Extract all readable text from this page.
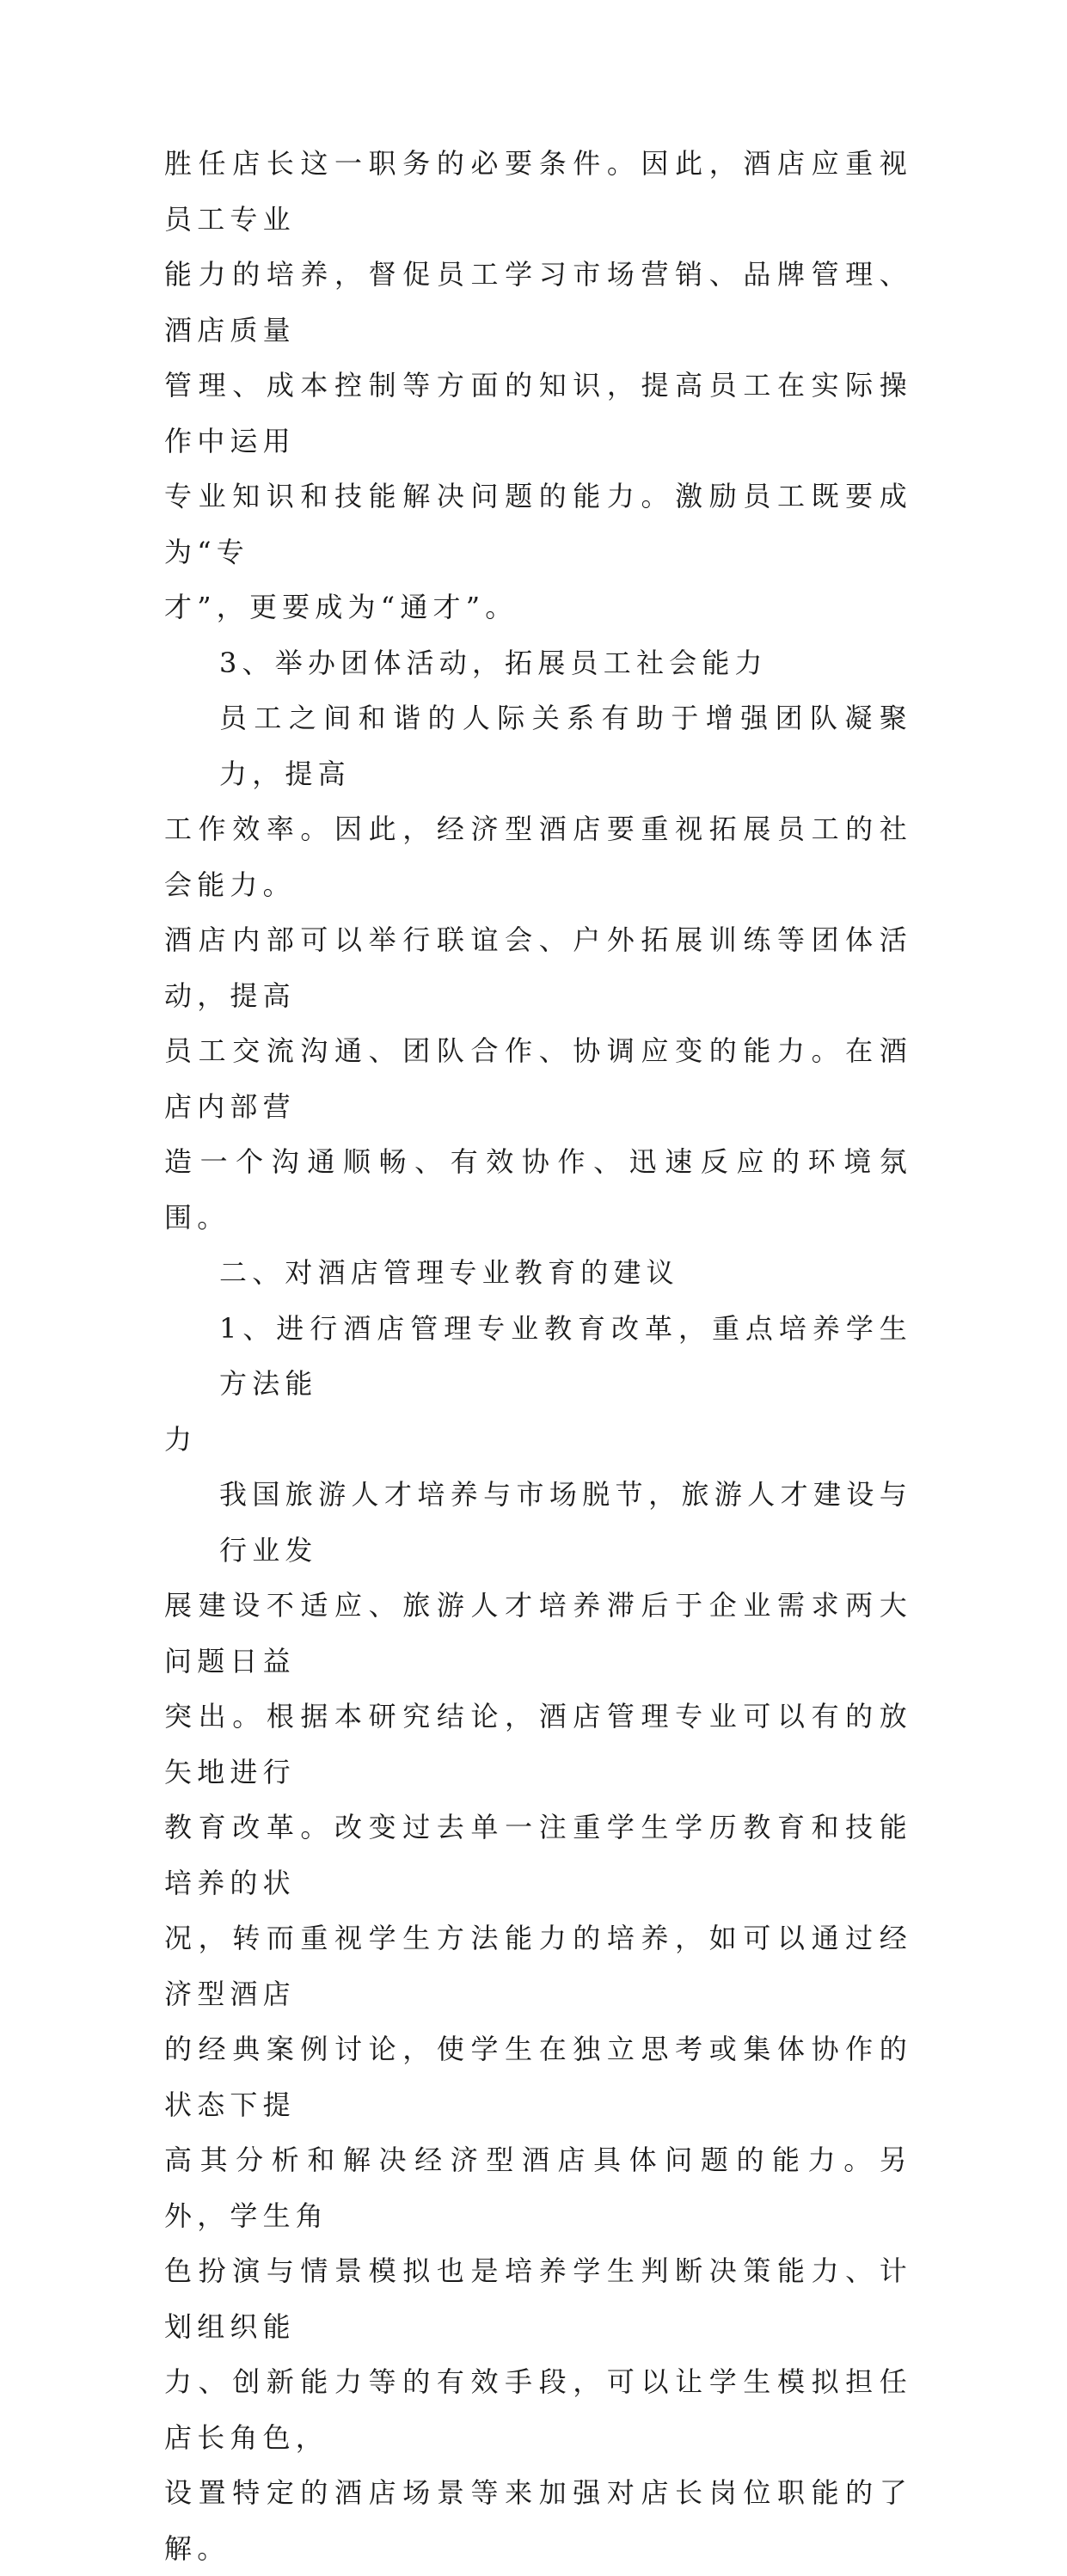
胜任店长这一职务的必要条件。因此，酒店应重视员工专业
能力的培养，督促员工学习市场营销、品牌管理、酒店质量
管理、成本控制等方面的知识，提高员工在实际操作中运用
专业知识和技能解决问题的能力。激励员工既要成为“专
才”，更要成为“通才”。

3、举办团体活动，拓展员工社会能力

员工之间和谐的人际关系有助于增强团队凝聚力，提高
工作效率。因此，经济型酒店要重视拓展员工的社会能力。
酒店内部可以举行联谊会、户外拓展训练等团体活动，提高
员工交流沟通、团队合作、协调应变的能力。在酒店内部营
造一个沟通顺畅、有效协作、迅速反应的环境氛围。

二、对酒店管理专业教育的建议

1、进行酒店管理专业教育改革，重点培养学生方法能
力

我国旅游人才培养与市场脱节，旅游人才建设与行业发
展建设不适应、旅游人才培养滞后于企业需求两大问题日益
突出。根据本研究结论，酒店管理专业可以有的放矢地进行
教育改革。改变过去单一注重学生学历教育和技能培养的状
况，转而重视学生方法能力的培养，如可以通过经济型酒店
的经典案例讨论，使学生在独立思考或集体协作的状态下提
高其分析和解决经济型酒店具体问题的能力。另外，学生角
色扮演与情景模拟也是培养学生判断决策能力、计划组织能
力、创新能力等的有效手段，可以让学生模拟担任店长角色，
设置特定的酒店场景等来加强对店长岗位职能的了解。
